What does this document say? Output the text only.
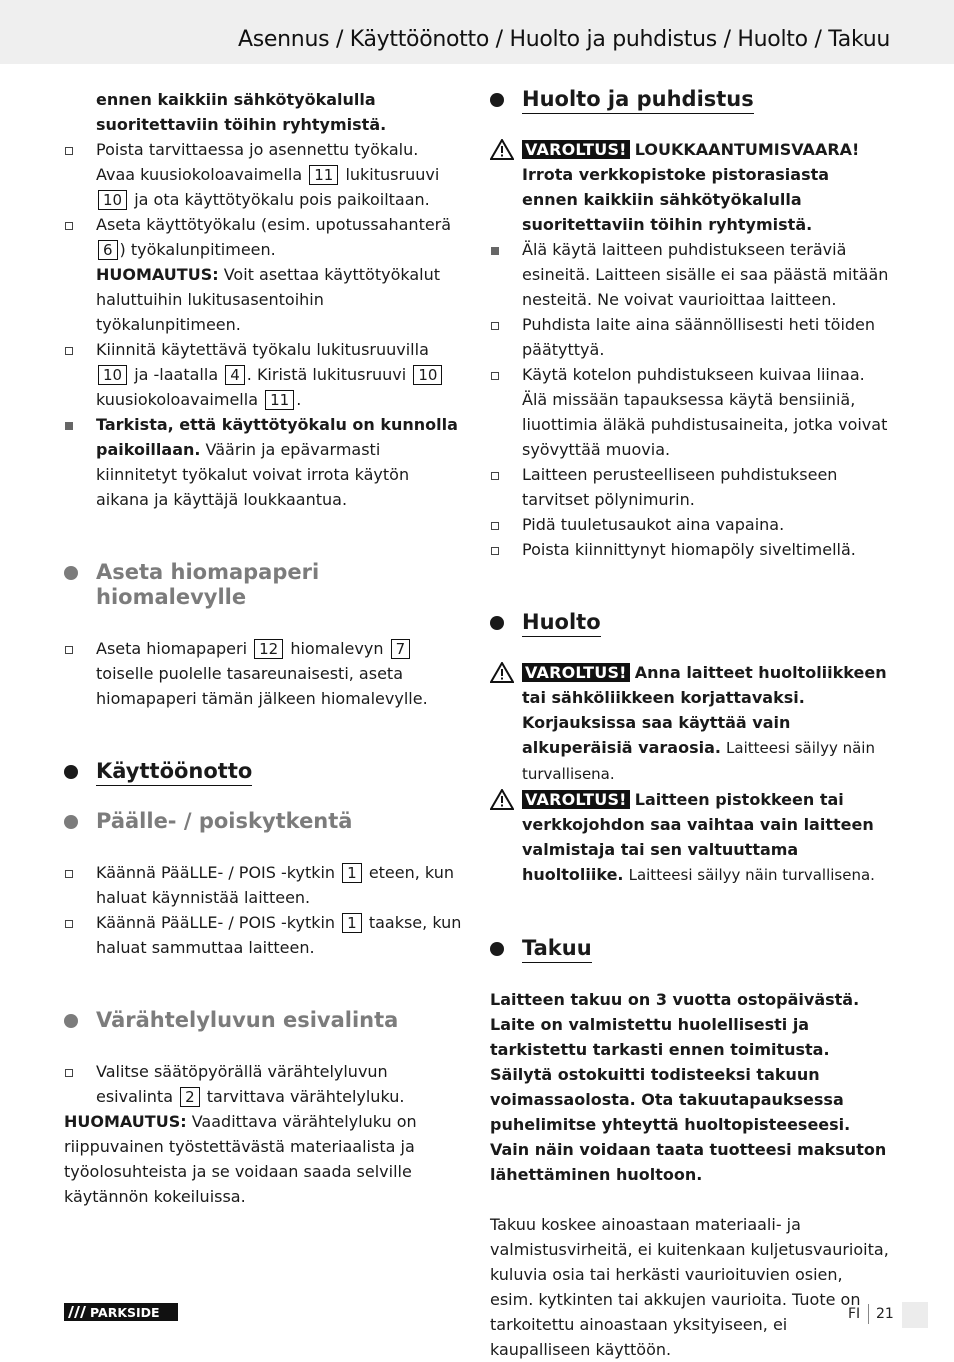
Asennus / Käyttöönotto / Huolto ja puhdistus / Huolto / Takuu

ennen kaikkiin sähkötyökalulla suoritettaviin töihin ryhtymistä.

Poista tarvittaessa jo asennettu työkalu. Avaa kuusiokoloavaimella 11 lukitusruuvi 10 ja ota käyttötyökalu pois paikoiltaan.

Aseta käyttötyökalu (esim. upotussahanterä 6 ) työkalunpitimeen.

HUOMAUTUS: Voit asettaa käyttötyökalut haluttuihin lukitusasentoihin työkalunpitimeen.

Kiinnitä käytettävä työkalu lukitusruuvilla 10 ja -laatalla 4 . Kiristä lukitusruuvi 10 kuusiokoloavaimella 11 .

Tarkista, että käyttötyökalu on kunnolla paikoillaan. Väärin ja epävarmasti kiinnitetyt työkalut voivat irrota käytön aikana ja käyttäjä loukkaantua.

Aseta hiomapaperi hiomalevylle

Aseta hiomapaperi 12 hiomalevyn 7 toiselle puolelle tasareunaisesti, aseta hiomapaperi tämän jälkeen hiomalevylle.

Käyttöönotto
Päälle- / poiskytkentä

Käännä PääLLE- / POIS -kytkin 1 eteen, kun haluat käynnistää laitteen.

Käännä PääLLE- / POIS -kytkin 1 taakse, kun haluat sammuttaa laitteen.

Värähtelyluvun esivalinta

Valitse säätöpyörällä värähtelyluvun esivalinta 2 tarvittava värähtelyluku.

HUOMAUTUS: Vaadittava värähtelyluku on riippuvainen työstettävästä materiaalista ja työolosuhteista ja se voidaan saada selville käytännön kokeiluissa.

Huolto ja puhdistus

VAROLTUS! LOUKKAANTUMISVAARA! Irrota verkkopistoke pistorasiasta ennen kaikkiin sähkötyökalulla suoritettaviin töihin ryhtymistä.

Älä käytä laitteen puhdistukseen teräviä esineitä. Laitteen sisälle ei saa päästä mitään nesteitä. Ne voivat vaurioittaa laitteen.

Puhdista laite aina säännöllisesti heti töiden päätyttyä.

Käytä kotelon puhdistukseen kuivaa liinaa. Älä missään tapauksessa käytä bensiiniä, liuottimia äläkä puhdistusaineita, jotka voivat syövyttää muovia.

Laitteen perusteelliseen puhdistukseen tarvitset pölynimurin.

Pidä tuuletusaukot aina vapaina.

Poista kiinnittynyt hiomapöly siveltimellä.

Huolto

VAROLTUS! Anna laitteet huoltoliikkeen tai sähköliikkeen korjattavaksi. Korjauksissa saa käyttää vain alkuperäisiä varaosia. Laitteesi säilyy näin turvallisena.

VAROLTUS! Laitteen pistokkeen tai verkkojohdon saa vaihtaa vain laitteen valmistaja tai sen valtuuttama huoltoliike. Laitteesi säilyy näin turvallisena.

Takuu

Laitteen takuu on 3 vuotta ostopäivästä. Laite on valmistettu huolellisesti ja tarkistettu tarkasti ennen toimitusta. Säilytä ostokuitti todisteeksi takuun voimassaolosta. Ota takuutapauksessa puhelimitse yhteyttä huoltopisteeseesi. Vain näin voidaan taata tuotteesi maksuton lähettäminen huoltoon.

Takuu koskee ainoastaan materiaali- ja valmistusvirheitä, ei kuitenkaan kuljetusvaurioita, kuluvia osia tai herkästi vaurioituvien osien, esim. kytkinten tai akkujen vaurioita. Tuote on tarkoitettu ainoastaan yksityiseen, ei kaupalliseen käyttöön.

PARKSIDE	FI 21
